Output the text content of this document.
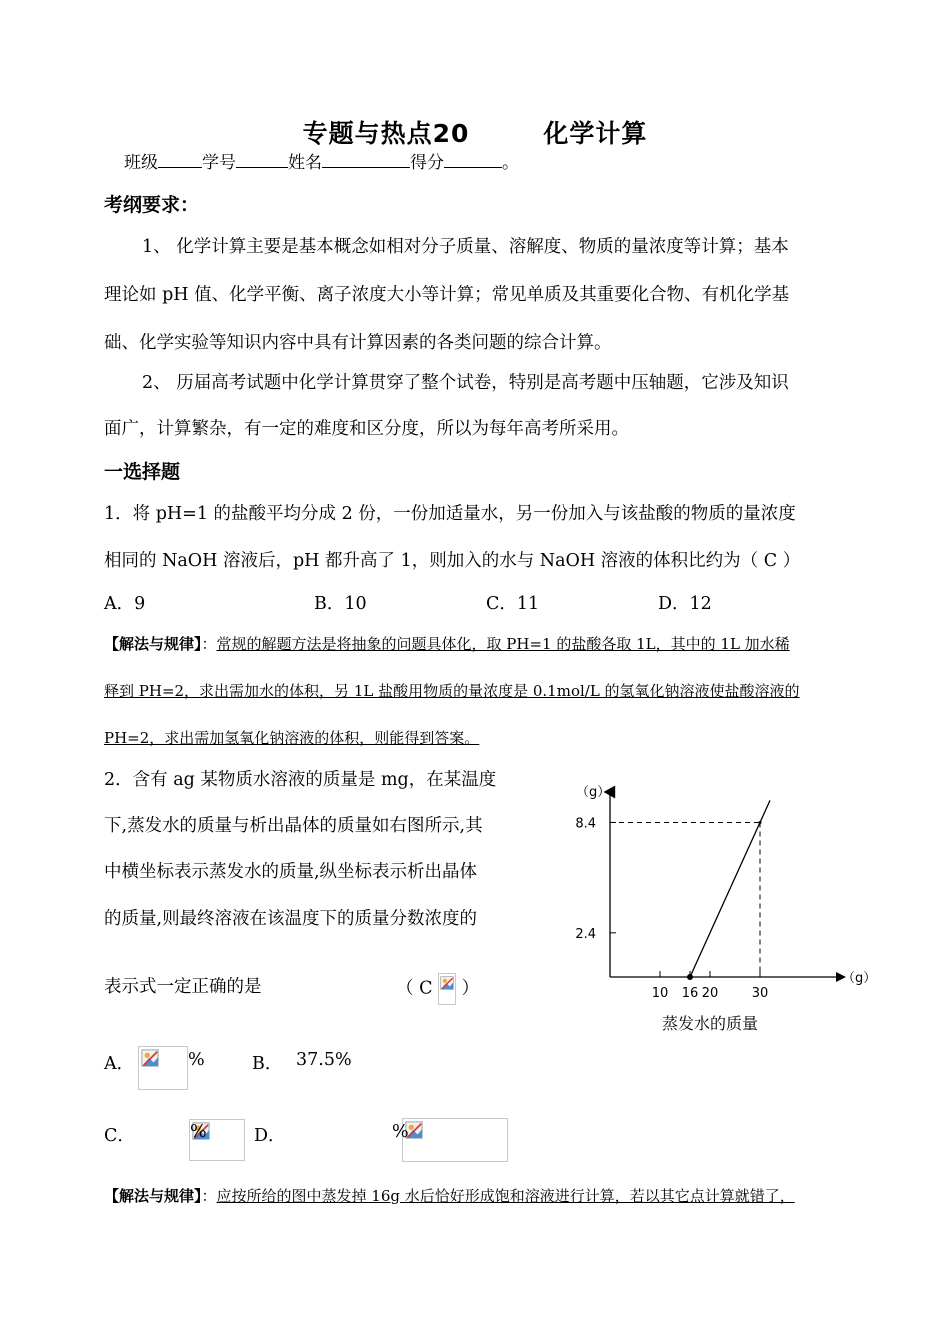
专题与热点20	化学计算
班级	学号	姓名	得分	。
考纲要求：
1、 化学计算主要是基本概念如相对分子质量、溶解度、物质的量浓度等计算；基本
理论如 pH 值、化学平衡、离子浓度大小等计算；常见单质及其重要化合物、有机化学基
础、化学实验等知识内容中具有计算因素的各类问题的综合计算。
2、 历届高考试题中化学计算贯穿了整个试卷，特别是高考题中压轴题，它涉及知识
面广，计算繁杂，有一定的难度和区分度，所以为每年高考所采用。
一选择题
1．将 pH=1 的盐酸平均分成 2 份，一份加适量水，另一份加入与该盐酸的物质的量浓度
相同的 NaOH 溶液后，pH 都升高了 1，则加入的水与 NaOH 溶液的体积比约为（ C ）
A．9	B．10	C．11	D．12
【解法与规律】：常规的解题方法是将抽象的问题具体化，取 PH=1 的盐酸各取 1L，其中的 1L 加水稀
释到 PH=2，求出需加水的体积，另 1L 盐酸用物质的量浓度是 0.1mol/L 的氢氧化钠溶液使盐酸溶液的
PH=2，求出需加氢氧化钠溶液的体积，则能得到答案。
2．含有 ag 某物质水溶液的质量是 mg，在某温度
下,蒸发水的质量与析出晶体的质量如右图所示,其
中横坐标表示蒸发水的质量,纵坐标表示析出晶体
的质量,则最终溶液在该温度下的质量分数浓度的
表示式一定正确的是	（ C ）
A．
	%	B． 37.5%
C．
	%	D．	%
【解法与规律】：应按所给的图中蒸发掉 16g 水后恰好形成饱和溶液进行计算，若以其它点计算就错了，
10 16 20	30
2.4
8.4
（g）
（g）
蒸发水的质量
